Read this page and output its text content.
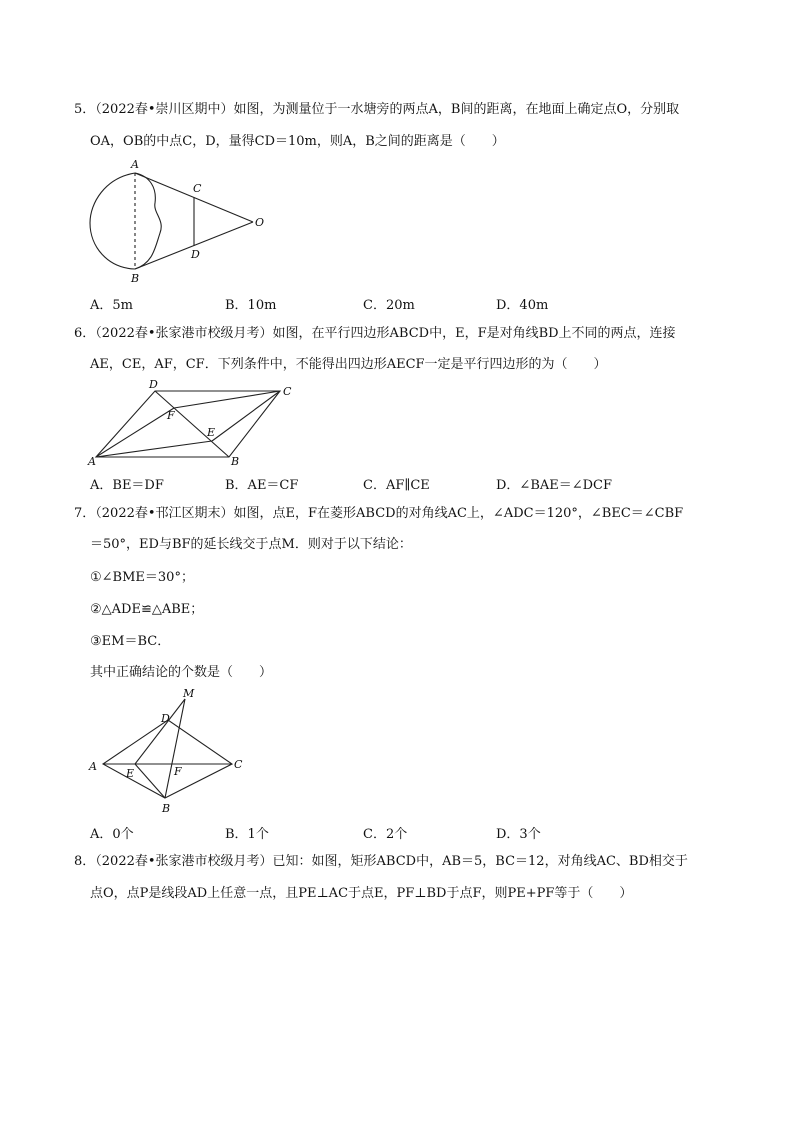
5．（2022春•崇川区期中）如图，为测量位于一水塘旁的两点A，B间的距离，在地面上确定点O，分别取
OA，OB的中点C，D，量得CD＝10m，则A，B之间的距离是（　　）
A
B
C
D
O
A．5m	B．10m	C．20m	D．40m
6．（2022春•张家港市校级月考）如图，在平行四边形ABCD中，E，F是对角线BD上不同的两点，连接
AE，CE，AF，CF．下列条件中，不能得出四边形AECF一定是平行四边形的为（　　）
A	B
C
D
E
F
A．BE＝DF	B．AE＝CF	C．AF∥CE	D．∠BAE＝∠DCF
7．（2022春•邗江区期末）如图，点E，F在菱形ABCD的对角线AC上，∠ADC＝120°，∠BEC＝∠CBF
＝50°，ED与BF的延长线交于点M．则对于以下结论：
①∠BME＝30°；
②△ADE≌△ABE；
③EM＝BC．
其中正确结论的个数是（　　）
A
B
C
D
E	F
M
A．0个	B．1个	C．2个	D．3个
8．（2022春•张家港市校级月考）已知：如图，矩形ABCD中，AB＝5，BC＝12，对角线AC、BD相交于
点O，点P是线段AD上任意一点，且PE⊥AC于点E，PF⊥BD于点F，则PE+PF等于（　　）
